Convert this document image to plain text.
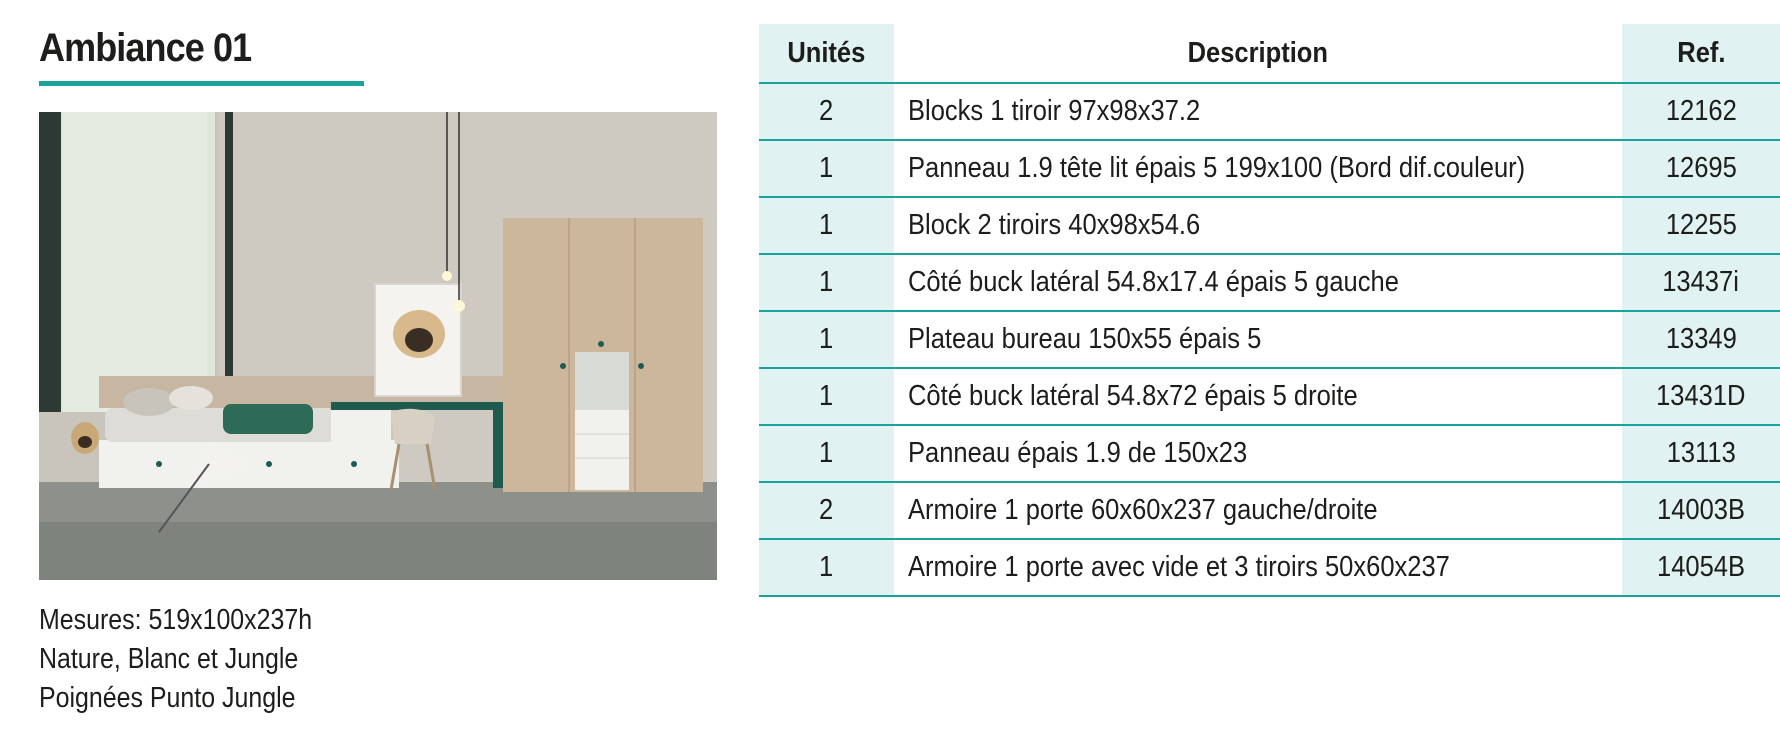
Ambiance 01
Mesures: 519x100x237h
Nature, Blanc et Jungle
Poignées Punto Jungle
Unités	Description	Ref.
2	Blocks 1 tiroir 97x98x37.2	12162
1	Panneau 1.9 tête lit épais 5 199x100 (Bord dif.couleur)	12695
1	Block 2 tiroirs 40x98x54.6	12255
1	Côté buck latéral 54.8x17.4 épais 5 gauche	13437i
1	Plateau bureau 150x55 épais 5	13349
1	Côté buck latéral 54.8x72 épais 5 droite	13431D
1	Panneau épais 1.9 de 150x23	13113
2	Armoire 1 porte 60x60x237 gauche/droite	14003B
1	Armoire 1 porte avec vide et 3 tiroirs 50x60x237	14054B
